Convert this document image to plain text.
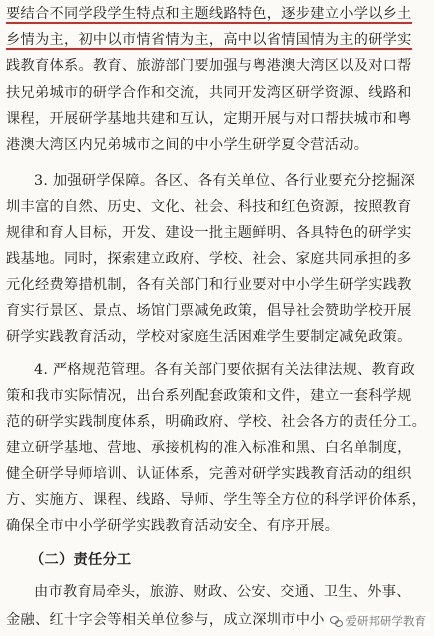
要结合不同学段学生特点和主题线路特色，逐步建立小学以乡土
乡情为主，初中以市情省情为主，高中以省情国情为主的研学实
践教育体系。教育、旅游部门要加强与粤港澳大湾区以及对口帮
扶兄弟城市的研学合作和交流，共同开发湾区研学资源、线路和
课程，开展研学基地共建和互认，定期开展与对口帮扶城市和粤
港澳大湾区内兄弟城市之间的中小学生研学夏令营活动。
3. 加强研学保障。各区、各有关单位、各行业要充分挖掘深
圳丰富的自然、历史、文化、社会、科技和红色资源，按照教育
规律和育人目标，开发、建设一批主题鲜明、各具特色的研学实
践基地。同时，探索建立政府、学校、社会、家庭共同承担的多
元化经费筹措机制，各有关部门和行业要对中小学生研学实践教
育实行景区、景点、场馆门票减免政策，倡导社会赞助学校开展
研学实践教育活动，学校对家庭生活困难学生要制定减免政策。
4. 严格规范管理。各有关部门要依据有关法律法规、教育政
策和我市实际情况，出台系列配套政策和文件，建立一套科学规
范的研学实践制度体系，明确政府、学校、社会各方的责任分工。
建立研学基地、营地、承接机构的准入标准和黑、白名单制度，
健全研学导师培训、认证体系，完善对研学实践教育活动的组织
方、实施方、课程、线路、导师、学生等全方位的科学评价体系，
确保全市中小学研学实践教育活动安全、有序开展。
（二）责任分工
由市教育局牵头，旅游、财政、公安、交通、卫生、外事、
金融、红十字会等相关单位参与，成立深圳市中小	爱研邦研学教育
